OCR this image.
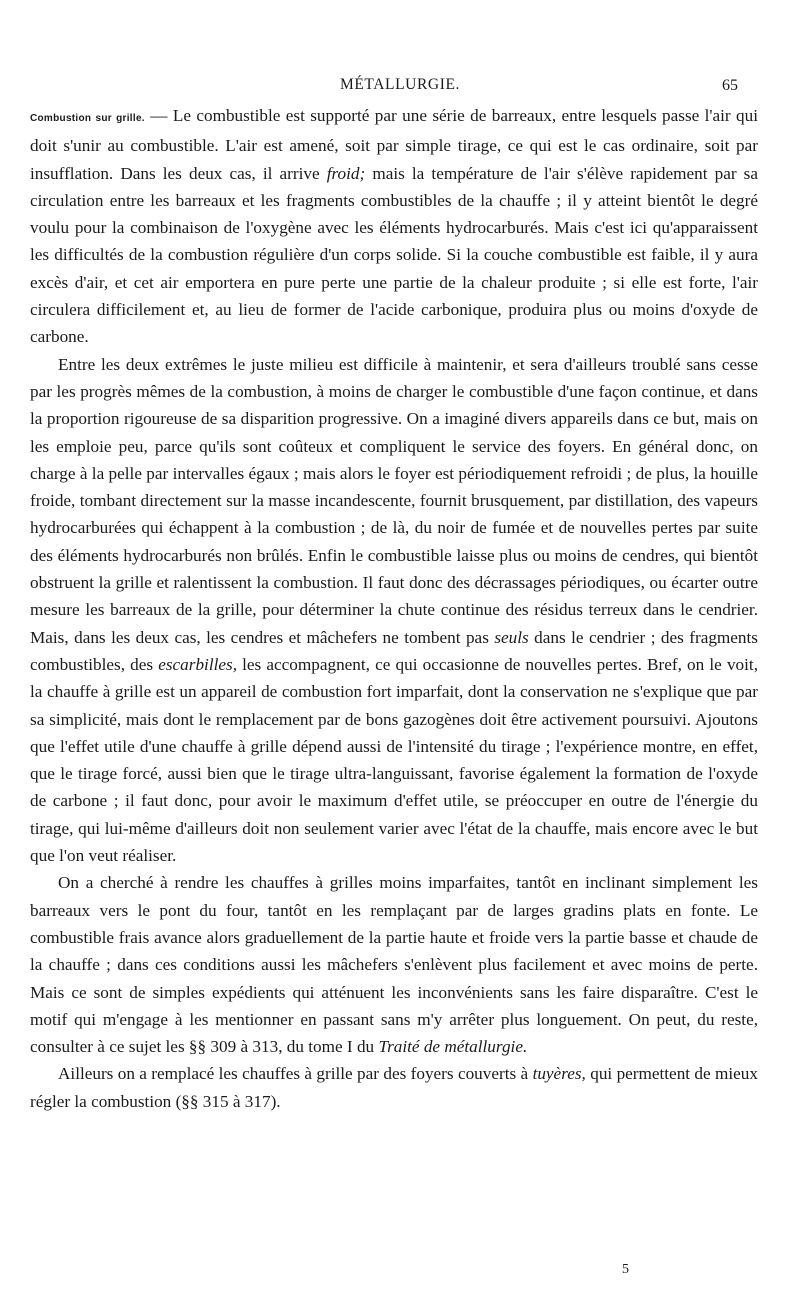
MÉTALLURGIE.	65

Combustion sur grille. — Le combustible est supporté par une série de barreaux, entre lesquels passe l'air qui doit s'unir au combustible. L'air est amené, soit par simple tirage, ce qui est le cas ordinaire, soit par insufflation. Dans les deux cas, il arrive froid; mais la température de l'air s'élève rapidement par sa circulation entre les barreaux et les fragments combustibles de la chauffe ; il y atteint bientôt le degré voulu pour la combinaison de l'oxygène avec les éléments hydrocarburés. Mais c'est ici qu'apparaissent les difficultés de la combustion régulière d'un corps solide. Si la couche combustible est faible, il y aura excès d'air, et cet air emportera en pure perte une partie de la chaleur produite ; si elle est forte, l'air circulera difficilement et, au lieu de former de l'acide carbonique, produira plus ou moins d'oxyde de carbone.

Entre les deux extrêmes le juste milieu est difficile à maintenir, et sera d'ailleurs troublé sans cesse par les progrès mêmes de la combustion, à moins de charger le combustible d'une façon continue, et dans la proportion rigoureuse de sa disparition progressive. On a imaginé divers appareils dans ce but, mais on les emploie peu, parce qu'ils sont coûteux et compliquent le service des foyers. En général donc, on charge à la pelle par intervalles égaux ; mais alors le foyer est périodiquement refroidi ; de plus, la houille froide, tombant directement sur la masse incandescente, fournit brusquement, par distillation, des vapeurs hydrocarburées qui échappent à la combustion ; de là, du noir de fumée et de nouvelles pertes par suite des éléments hydrocarburés non brûlés. Enfin le combustible laisse plus ou moins de cendres, qui bientôt obstruent la grille et ralentissent la combustion. Il faut donc des décrassages périodiques, ou écarter outre mesure les barreaux de la grille, pour déterminer la chute continue des résidus terreux dans le cendrier. Mais, dans les deux cas, les cendres et mâchefers ne tombent pas seuls dans le cendrier ; des fragments combustibles, des escarbilles, les accompagnent, ce qui occasionne de nouvelles pertes. Bref, on le voit, la chauffe à grille est un appareil de combustion fort imparfait, dont la conservation ne s'explique que par sa simplicité, mais dont le remplacement par de bons gazogènes doit être activement poursuivi. Ajoutons que l'effet utile d'une chauffe à grille dépend aussi de l'intensité du tirage ; l'expérience montre, en effet, que le tirage forcé, aussi bien que le tirage ultra-languissant, favorise également la formation de l'oxyde de carbone ; il faut donc, pour avoir le maximum d'effet utile, se préoccuper en outre de l'énergie du tirage, qui lui-même d'ailleurs doit non seulement varier avec l'état de la chauffe, mais encore avec le but que l'on veut réaliser.

On a cherché à rendre les chauffes à grilles moins imparfaites, tantôt en inclinant simplement les barreaux vers le pont du four, tantôt en les remplaçant par de larges gradins plats en fonte. Le combustible frais avance alors graduellement de la partie haute et froide vers la partie basse et chaude de la chauffe ; dans ces conditions aussi les mâchefers s'enlèvent plus facilement et avec moins de perte. Mais ce sont de simples expédients qui atténuent les inconvénients sans les faire disparaître. C'est le motif qui m'engage à les mentionner en passant sans m'y arrêter plus longuement. On peut, du reste, consulter à ce sujet les §§ 309 à 313, du tome I du Traité de métallurgie.

Ailleurs on a remplacé les chauffes à grille par des foyers couverts à tuyères, qui permettent de mieux régler la combustion (§§ 315 à 317).

5
